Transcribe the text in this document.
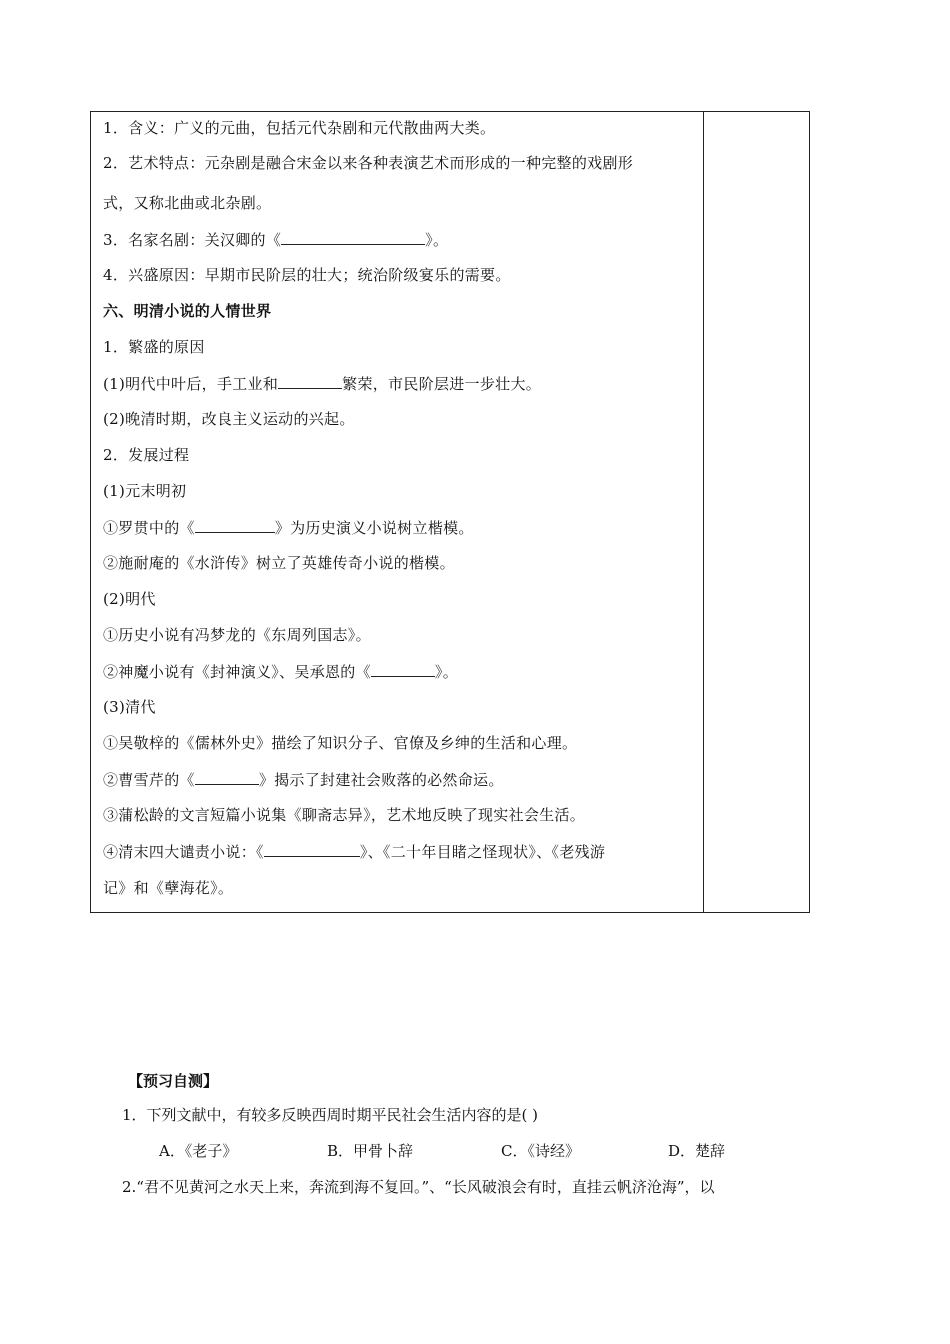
1．含义：广义的元曲，包括元代杂剧和元代散曲两大类。
2．艺术特点：元杂剧是融合宋金以来各种表演艺术而形成的一种完整的戏剧形
式，又称北曲或北杂剧。
3．名家名剧：关汉卿的《	》。
4．兴盛原因：早期市民阶层的壮大；统治阶级宴乐的需要。
六、明清小说的人情世界
1．繁盛的原因
(1)明代中叶后，手工业和	繁荣，市民阶层进一步壮大。
(2)晚清时期，改良主义运动的兴起。
2．发展过程
(1)元末明初
①罗贯中的《	》为历史演义小说树立楷模。
②施耐庵的《水浒传》树立了英雄传奇小说的楷模。
(2)明代
①历史小说有冯梦龙的《东周列国志》。
②神魔小说有《封神演义》、吴承恩的《	》。
(3)清代
①吴敬梓的《儒林外史》描绘了知识分子、官僚及乡绅的生活和心理。
②曹雪芹的《	》揭示了封建社会败落的必然命运。
③蒲松龄的文言短篇小说集《聊斋志异》，艺术地反映了现实社会生活。
④清末四大谴责小说：《	》、《二十年目睹之怪现状》、《老残游
记》和《孽海花》。
【预习自测】
1．下列文献中，有较多反映西周时期平民社会生活内容的是( )
A．《老子》	B．甲骨卜辞	C．《诗经》	D．楚辞
2.“君不见黄河之水天上来，奔流到海不复回。”、“长风破浪会有时，直挂云帆济沧海”，以
